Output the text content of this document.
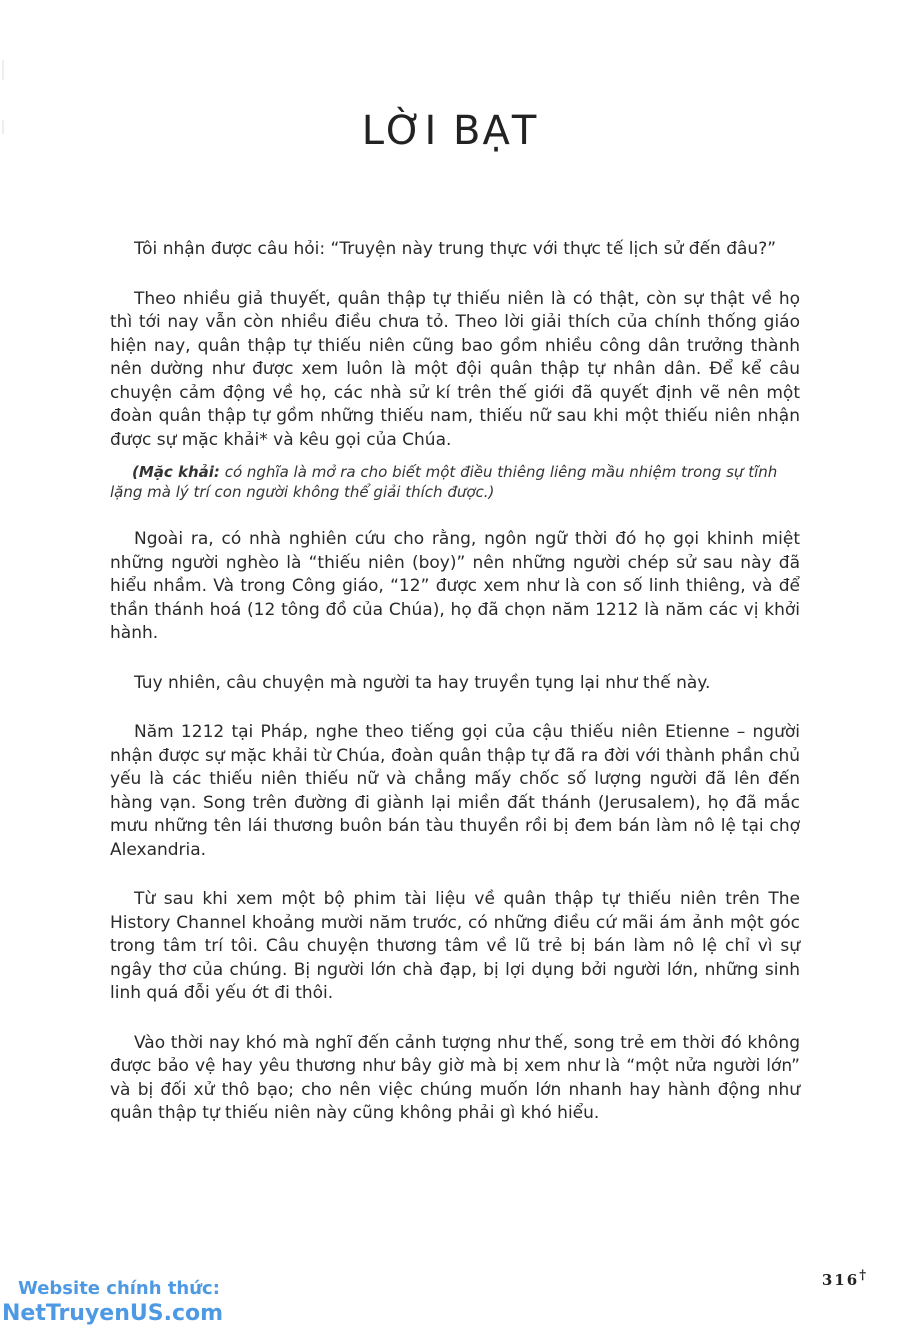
LỜI BẠT

Tôi nhận được câu hỏi: “Truyện này trung thực với thực tế lịch sử đến đâu?”

Theo nhiều giả thuyết, quân thập tự thiếu niên là có thật, còn sự thật về họ thì tới nay vẫn còn nhiều điều chưa tỏ. Theo lời giải thích của chính thống giáo hiện nay, quân thập tự thiếu niên cũng bao gồm nhiều công dân trưởng thành nên dường như được xem luôn là một đội quân thập tự nhân dân. Để kể câu chuyện cảm động về họ, các nhà sử kí trên thế giới đã quyết định vẽ nên một đoàn quân thập tự gồm những thiếu nam, thiếu nữ sau khi một thiếu niên nhận được sự mặc khải* và kêu gọi của Chúa.

(Mặc khải: có nghĩa là mở ra cho biết một điều thiêng liêng mầu nhiệm trong sự tĩnh lặng mà lý trí con người không thể giải thích được.)

Ngoài ra, có nhà nghiên cứu cho rằng, ngôn ngữ thời đó họ gọi khinh miệt những người nghèo là “thiếu niên (boy)” nên những người chép sử sau này đã hiểu nhầm. Và trong Công giáo, “12” được xem như là con số linh thiêng, và để thần thánh hoá (12 tông đồ của Chúa), họ đã chọn năm 1212 là năm các vị khởi hành.

Tuy nhiên, câu chuyện mà người ta hay truyền tụng lại như thế này.

Năm 1212 tại Pháp, nghe theo tiếng gọi của cậu thiếu niên Etienne – người nhận được sự mặc khải từ Chúa, đoàn quân thập tự đã ra đời với thành phần chủ yếu là các thiếu niên thiếu nữ và chẳng mấy chốc số lượng người đã lên đến hàng vạn. Song trên đường đi giành lại miền đất thánh (Jerusalem), họ đã mắc mưu những tên lái thương buôn bán tàu thuyền rồi bị đem bán làm nô lệ tại chợ Alexandria.

Từ sau khi xem một bộ phim tài liệu về quân thập tự thiếu niên trên The History Channel khoảng mười năm trước, có những điều cứ mãi ám ảnh một góc trong tâm trí tôi. Câu chuyện thương tâm về lũ trẻ bị bán làm nô lệ chỉ vì sự ngây thơ của chúng. Bị người lớn chà đạp, bị lợi dụng bởi người lớn, những sinh linh quá đỗi yếu ớt đi thôi.

Vào thời nay khó mà nghĩ đến cảnh tượng như thế, song trẻ em thời đó không được bảo vệ hay yêu thương như bây giờ mà bị xem như là “một nửa người lớn” và bị đối xử thô bạo; cho nên việc chúng muốn lớn nhanh hay hành động như quân thập tự thiếu niên này cũng không phải gì khó hiểu.

316†
Website chính thức:
NetTruyenUS.com
